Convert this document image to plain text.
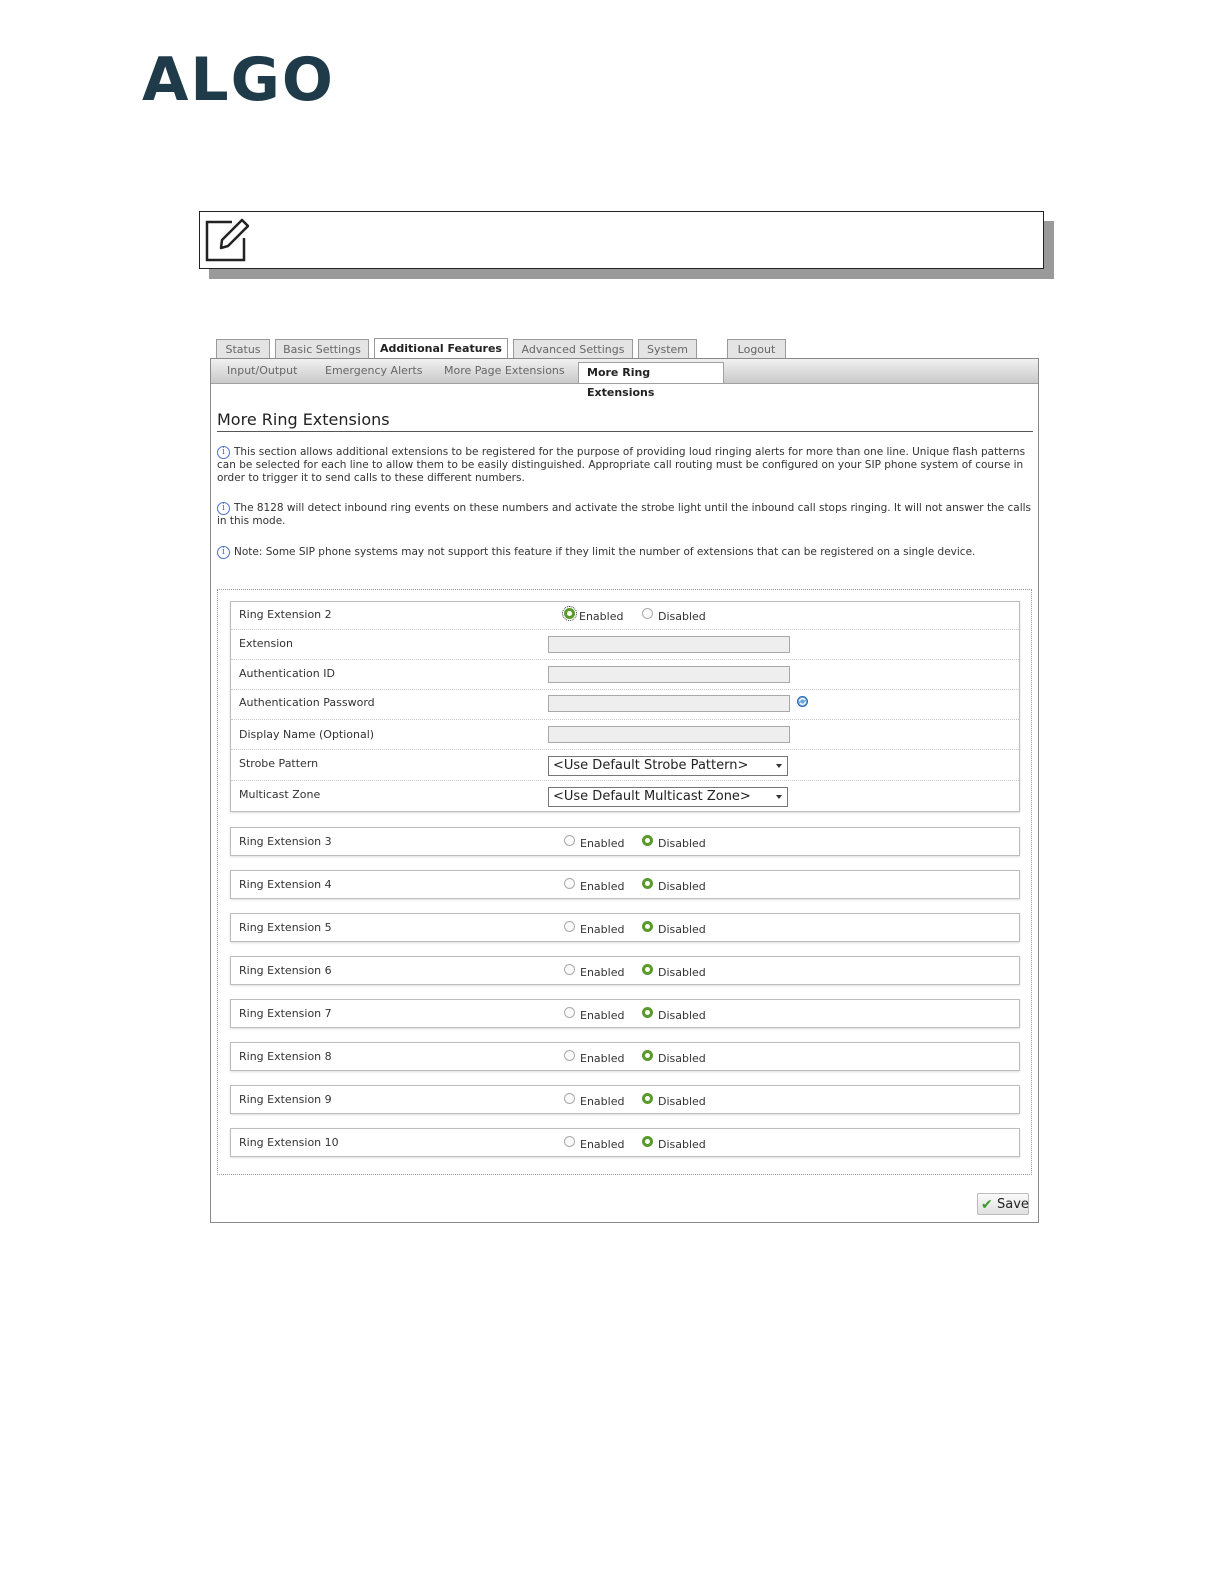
ALGO
Status	Basic Settings	Additional Features	Advanced Settings	System	Logout
Input/Output	Emergency Alerts More Page Extensions	More Ring Extensions
More Ring Extensions
i This section allows additional extensions to be registered for the purpose of providing loud ringing alerts for more than one line. Unique flash patterns can be selected for each line to allow them to be easily distinguished. Appropriate call routing must be configured on your SIP phone system of course in order to trigger it to send calls to these different numbers.
i The 8128 will detect inbound ring events on these numbers and activate the strobe light until the inbound call stops ringing. It will not answer the calls in this mode.
i Note: Some SIP phone systems may not support this feature if they limit the number of extensions that can be registered on a single device.
Ring Extension 2	Enabled	Disabled
Extension
Authentication ID
Authentication Password
Display Name (Optional)
Strobe Pattern	<Use Default Strobe Pattern>
Multicast Zone	<Use Default Multicast Zone>
Ring Extension 3	Enabled	Disabled
Ring Extension 4	Enabled	Disabled
Ring Extension 5	Enabled	Disabled
Ring Extension 6	Enabled	Disabled
Ring Extension 7	Enabled	Disabled
Ring Extension 8	Enabled	Disabled
Ring Extension 9	Enabled	Disabled
Ring Extension 10	Enabled	Disabled
✔ Save
